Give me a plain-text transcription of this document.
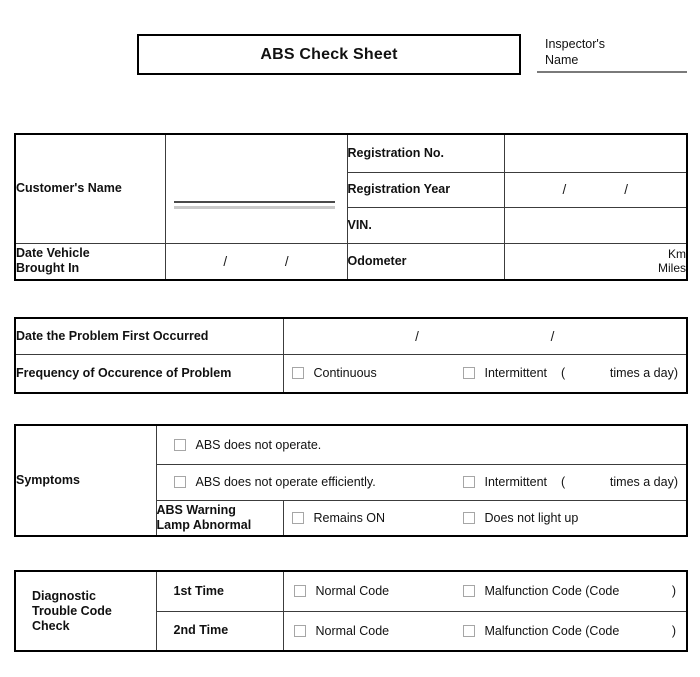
ABS Check Sheet
Inspector's
Name
Customer's Name		Registration No.	
		Registration Year	/ /

		VIN.	

Date Vehicle
Brought In	/ /	Odometer	Km
Miles
Date the Problem First Occurred	/ /

Frequency of Occurence of Problem	Continuous Intermittent ( times a day)
Symptoms	ABS does not operate.	

	ABS does not operate efficiently. Intermittent ( times a day)	

	ABS Warning
Lamp Abnormal	Remains ON Does not light up
Diagnostic
Trouble Code
Check	1st Time	Normal Code Malfunction Code (Code )

	2nd Time	Normal Code Malfunction Code (Code )
